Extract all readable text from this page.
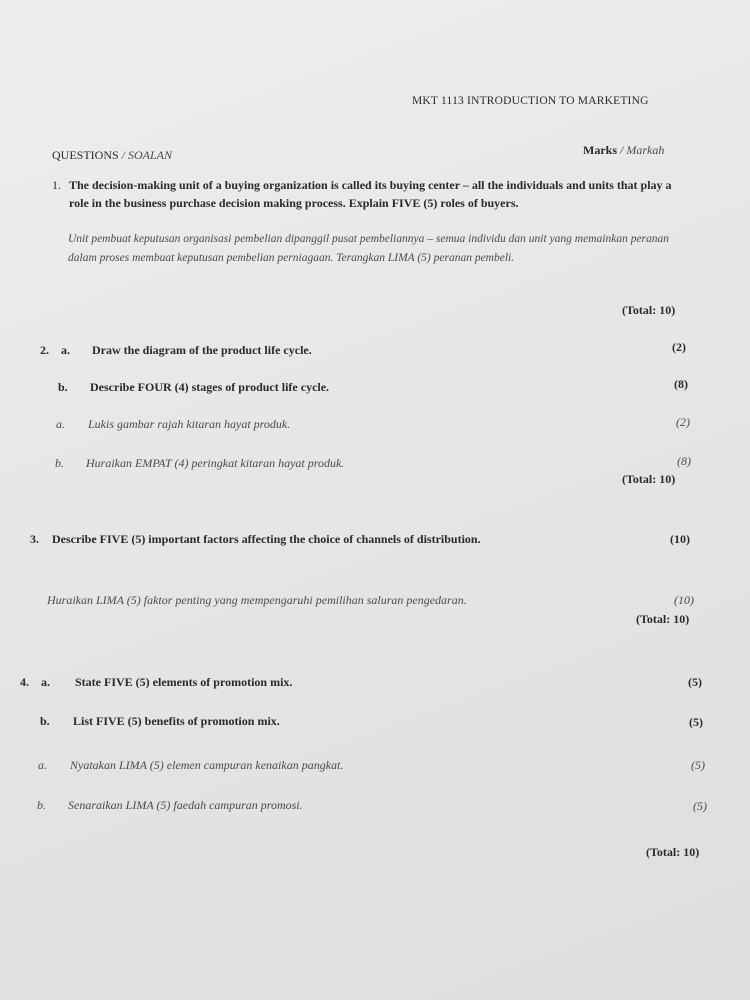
MKT 1113 INTRODUCTION TO MARKETING
QUESTIONS / SOALAN	Marks / Markah
1. The decision-making unit of a buying organization is called its buying center – all the individuals and units that play a role in the business purchase decision making process. Explain FIVE (5) roles of buyers.
Unit pembuat keputusan organisasi pembelian dipanggil pusat pembeliannya – semua individu dan unit yang memainkan peranan dalam proses membuat keputusan pembelian perniagaan. Terangkan LIMA (5) peranan pembeli.
(Total: 10)
2. a. Draw the diagram of the product life cycle.	(2)
b. Describe FOUR (4) stages of product life cycle.	(8)
a. Lukis gambar rajah kitaran hayat produk.	(2)
b. Huraikan EMPAT (4) peringkat kitaran hayat produk.	(8)
(Total: 10)
3. Describe FIVE (5) important factors affecting the choice of channels of distribution.	(10)
Huraikan LIMA (5) faktor penting yang mempengaruhi pemilihan saluran pengedaran.	(10)
(Total: 10)
4. a. State FIVE (5) elements of promotion mix.	(5)
b. List FIVE (5) benefits of promotion mix.	(5)
a. Nyatakan LIMA (5) elemen campuran kenaikan pangkat.	(5)
b. Senaraikan LIMA (5) faedah campuran promosi.	(5)
(Total: 10)
